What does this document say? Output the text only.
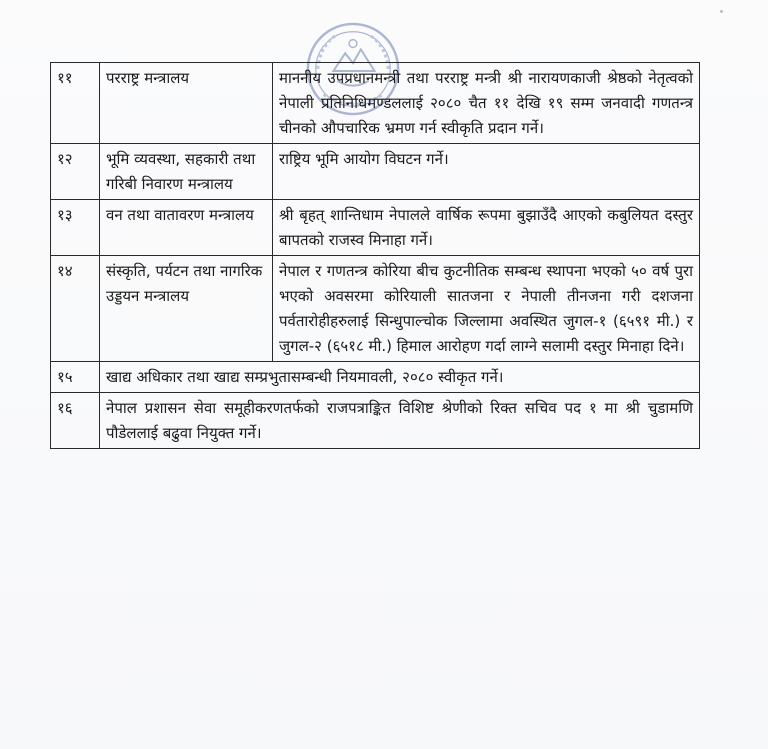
११	परराष्ट्र मन्त्रालय	माननीय उपप्रधानमन्त्री तथा परराष्ट्र मन्त्री श्री नारायणकाजी श्रेष्ठको नेतृत्वको नेपाली प्रतिनिधिमण्डललाई २०८० चैत ११ देखि १९ सम्म जनवादी गणतन्त्र चीनको औपचारिक भ्रमण गर्न स्वीकृति प्रदान गर्ने।
१२	भूमि व्यवस्था, सहकारी तथा गरिबी निवारण मन्त्रालय	राष्ट्रिय भूमि आयोग विघटन गर्ने।
१३	वन तथा वातावरण मन्त्रालय	श्री बृहत् शान्तिधाम नेपालले वार्षिक रूपमा बुझाउँदै आएको कबुलियत दस्तुर बापतको राजस्व मिनाहा गर्ने।
१४	संस्कृति, पर्यटन तथा नागरिक उड्डयन मन्त्रालय	नेपाल र गणतन्त्र कोरिया बीच कुटनीतिक सम्बन्ध स्थापना भएको ५० वर्ष पुरा भएको अवसरमा कोरियाली सातजना र नेपाली तीनजना गरी दशजना पर्वतारोहीहरुलाई सिन्धुपाल्चोक जिल्लामा अवस्थित जुगल-१ (६५९१ मी.) र जुगल-२ (६५१८ मी.) हिमाल आरोहण गर्दा लाग्ने सलामी दस्तुर मिनाहा दिने।
१५	खाद्य अधिकार तथा खाद्य सम्प्रभुतासम्बन्धी नियमावली, २०८० स्वीकृत गर्ने।	
१६	नेपाल प्रशासन सेवा समूहीकरणतर्फको राजपत्राङ्कित विशिष्ट श्रेणीको रिक्त सचिव पद १ मा श्री चुडामणि पौडेललाई बढुवा नियुक्त गर्ने।	
